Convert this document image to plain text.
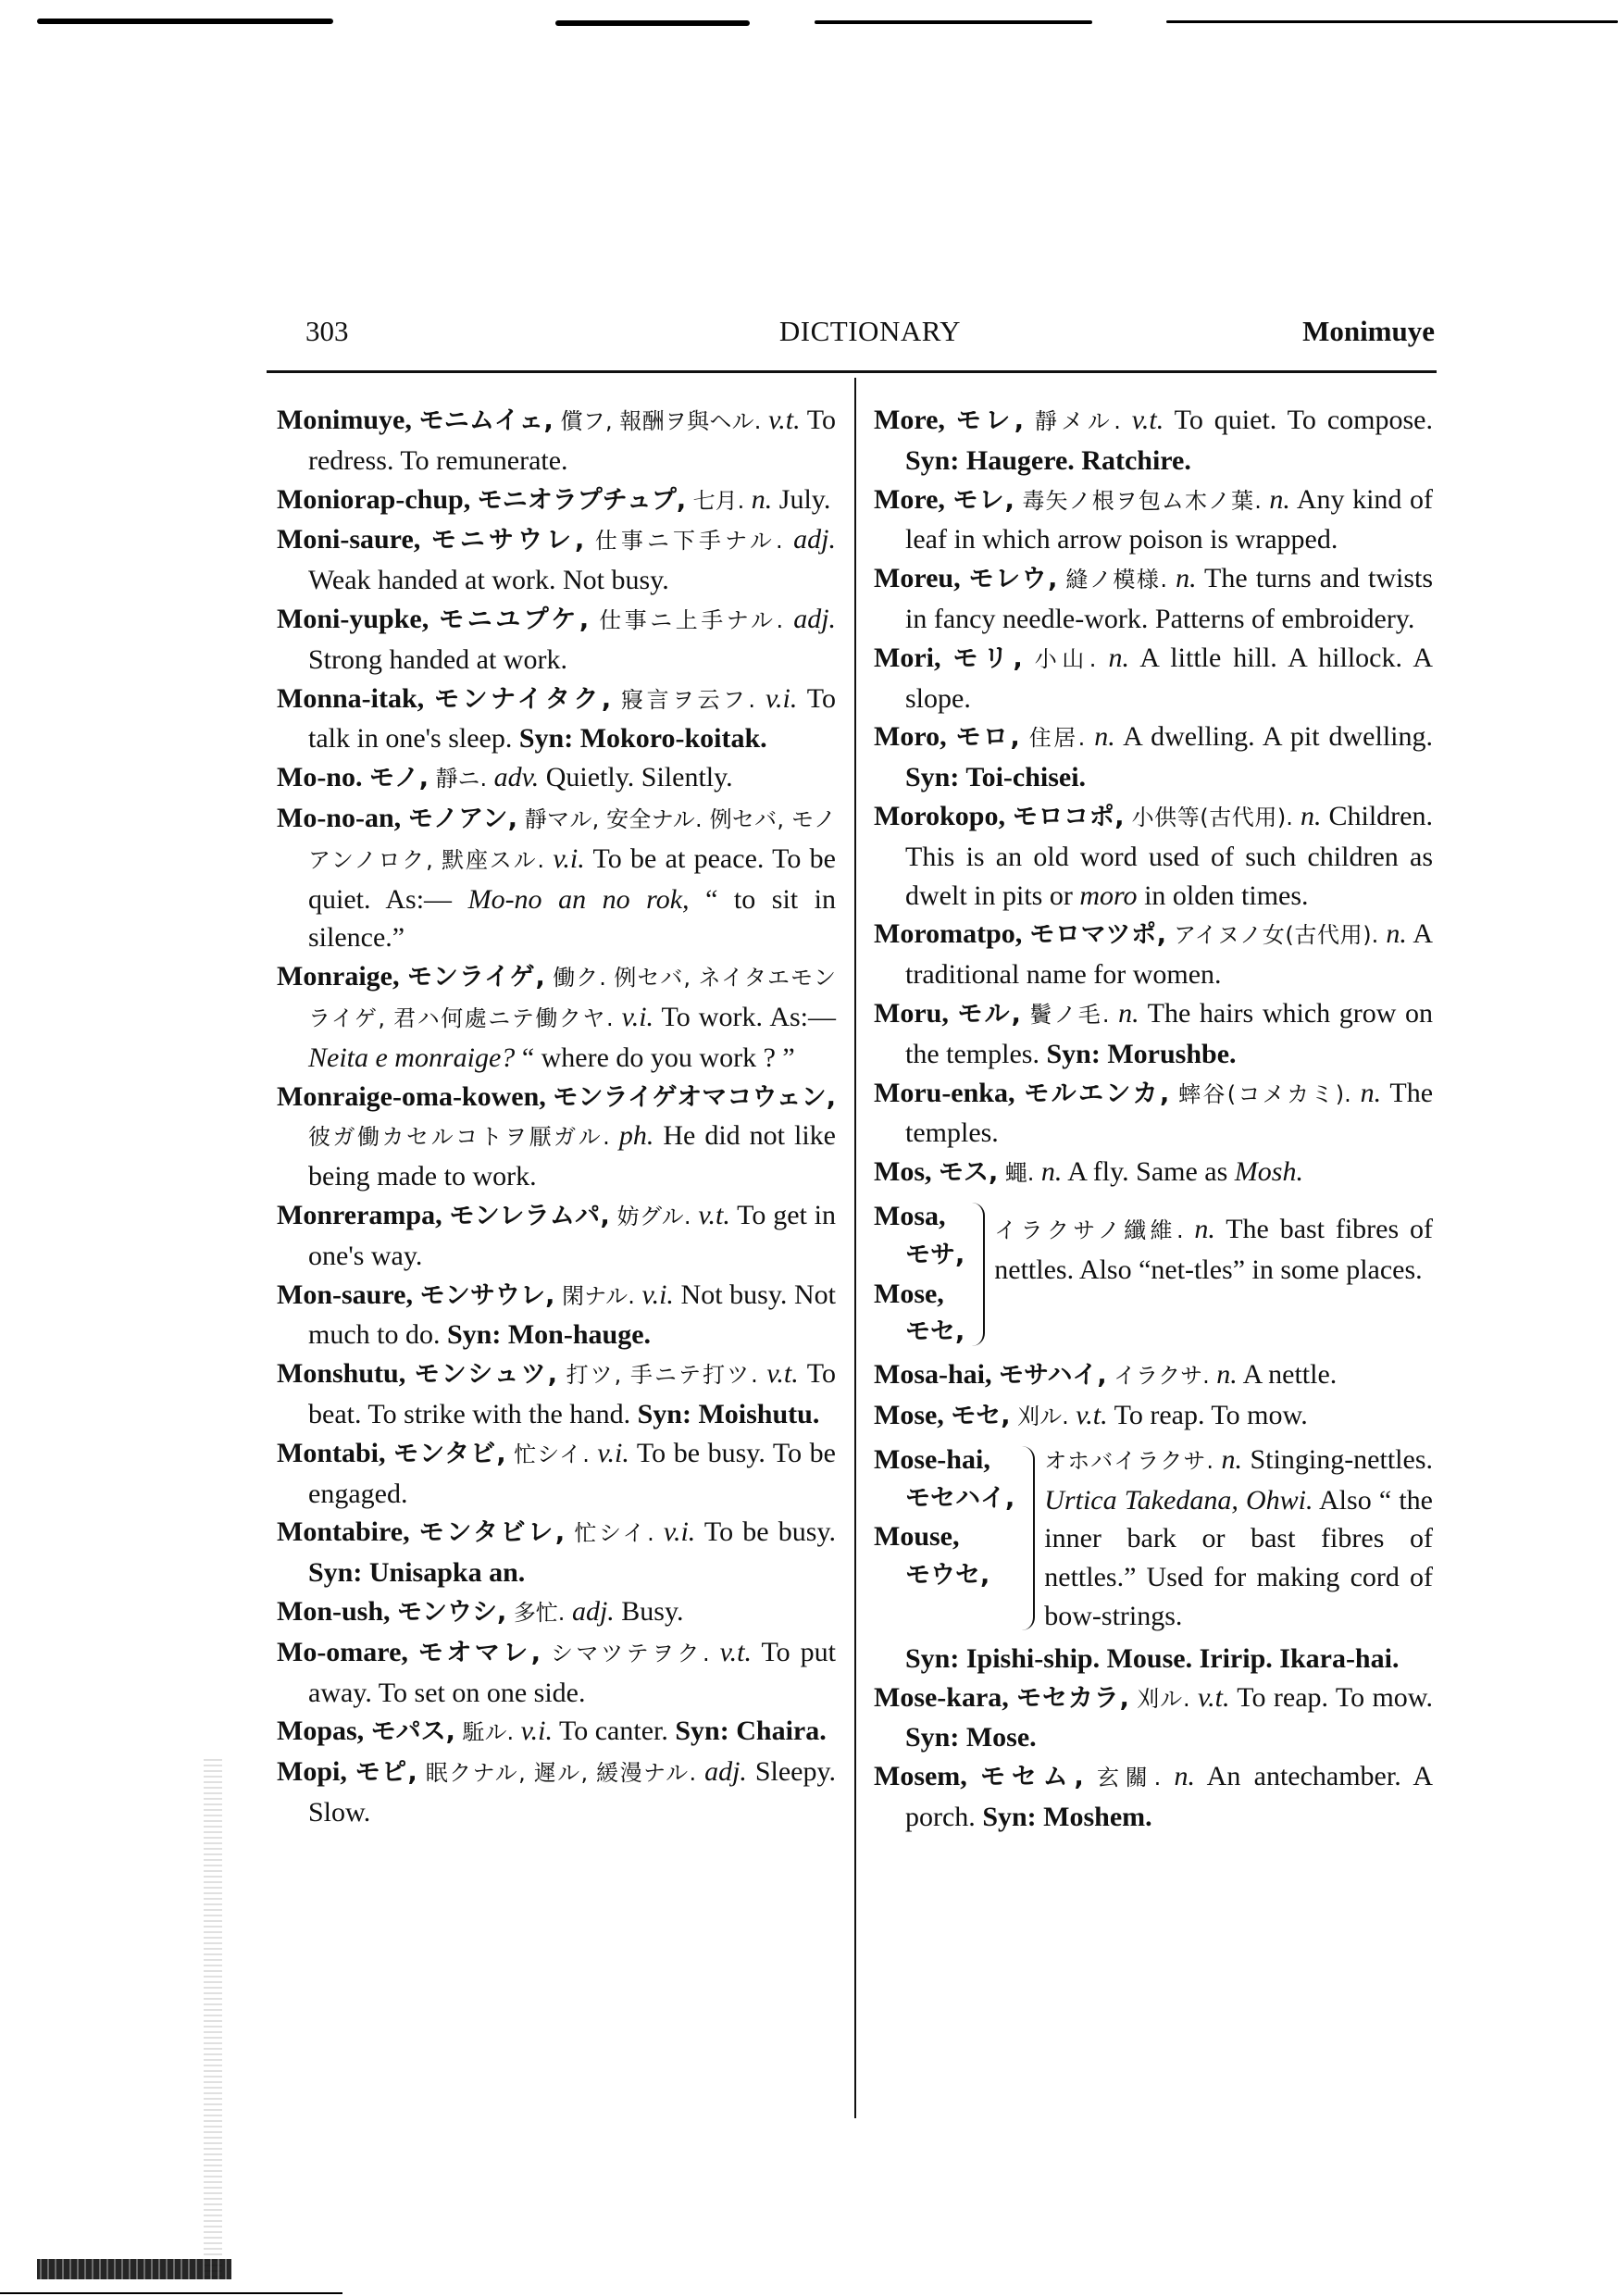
303	DICTIONARY	Monimuye

Monimuye, モニムイェ, 償フ, 報酬ヲ與ヘル. v.t. To redress. To remunerate.

Moniorap-chup, モニオラプチュプ, 七月. n. July.

Moni-saure, モニサウレ, 仕事ニ下手ナル. adj. Weak handed at work. Not busy.

Moni-yupke, モニユプケ, 仕事ニ上手ナル. adj. Strong handed at work.

Monna-itak, モンナイタク, 寢言ヲ云フ. v.i. To talk in one's sleep. Syn: Mokoro-koitak.

Mo-no. モノ, 靜ニ. adv. Quietly. Silently.

Mo-no-an, モノアン, 靜マル, 安全ナル. 例セバ, モノアンノロク, 默座スル. v.i. To be at peace. To be quiet. As:— Mo-no an no rok, “ to sit in silence.”

Monraige, モンライゲ, 働ク. 例セバ, ネイタエモンライゲ, 君ハ何處ニテ働クヤ. v.i. To work. As:— Neita e monraige? “ where do you work ? ”

Monraige-oma-kowen, モンライゲオマコウェン, 彼ガ働カセルコトヲ厭ガル. ph. He did not like being made to work.

Monrerampa, モンレラムパ, 妨グル. v.t. To get in one's way.

Mon-saure, モンサウレ, 閑ナル. v.i. Not busy. Not much to do. Syn: Mon-hauge.

Monshutu, モンシュツ, 打ツ, 手ニテ打ツ. v.t. To beat. To strike with the hand. Syn: Moishutu.

Montabi, モンタビ, 忙シイ. v.i. To be busy. To be engaged.

Montabire, モンタビレ, 忙シイ. v.i. To be busy. Syn: Unisapka an.

Mon-ush, モンウシ, 多忙. adj. Busy.

Mo-omare, モオマレ, シマツテヲク. v.t. To put away. To set on one side.

Mopas, モパス, 駈ル. v.i. To canter. Syn: Chaira.

Mopi, モピ, 眠クナル, 遲ル, 緩漫ナル. adj. Sleepy. Slow.

More, モレ, 靜メル. v.t. To quiet. To compose. Syn: Haugere. Ratchire.

More, モレ, 毒矢ノ根ヲ包ム木ノ葉. n. Any kind of leaf in which arrow poison is wrapped.

Moreu, モレウ, 縫ノ模様. n. The turns and twists in fancy needle-work. Patterns of embroidery.

Mori, モリ, 小山. n. A little hill. A hillock. A slope.

Moro, モロ, 住居. n. A dwelling. A pit dwelling. Syn: Toi-chisei.

Morokopo, モロコポ, 小供等(古代用). n. Children. This is an old word used of such children as dwelt in pits or moro in olden times.

Moromatpo, モロマツポ, アイヌノ女(古代用). n. A traditional name for women.

Moru, モル, 鬢ノ毛. n. The hairs which grow on the temples. Syn: Morushbe.

Moru-enka, モルエンカ, 蟀谷(コメカミ). n. The temples.

Mos, モス, 蠅. n. A fly. Same as Mosh.

Mosa,
モサ,
Mose,
モセ,
イラクサノ纖維. n. The bast fibres of nettles. Also “net-tles” in some places.

Mosa-hai, モサハイ, イラクサ. n. A nettle.

Mose, モセ, 刈ル. v.t. To reap. To mow.

Mose-hai,
モセハイ,
Mouse,
モウセ,
オホバイラクサ. n. Stinging-nettles. Urtica Takedana, Ohwi. Also “ the inner bark or bast fibres of nettles.” Used for making cord of bow-strings.

Syn: Ipishi-ship. Mouse. Iririp. Ikara-hai.

Mose-kara, モセカラ, 刈ル. v.t. To reap. To mow. Syn: Mose.

Mosem, モセム, 玄關. n. An antechamber. A porch. Syn: Moshem.
